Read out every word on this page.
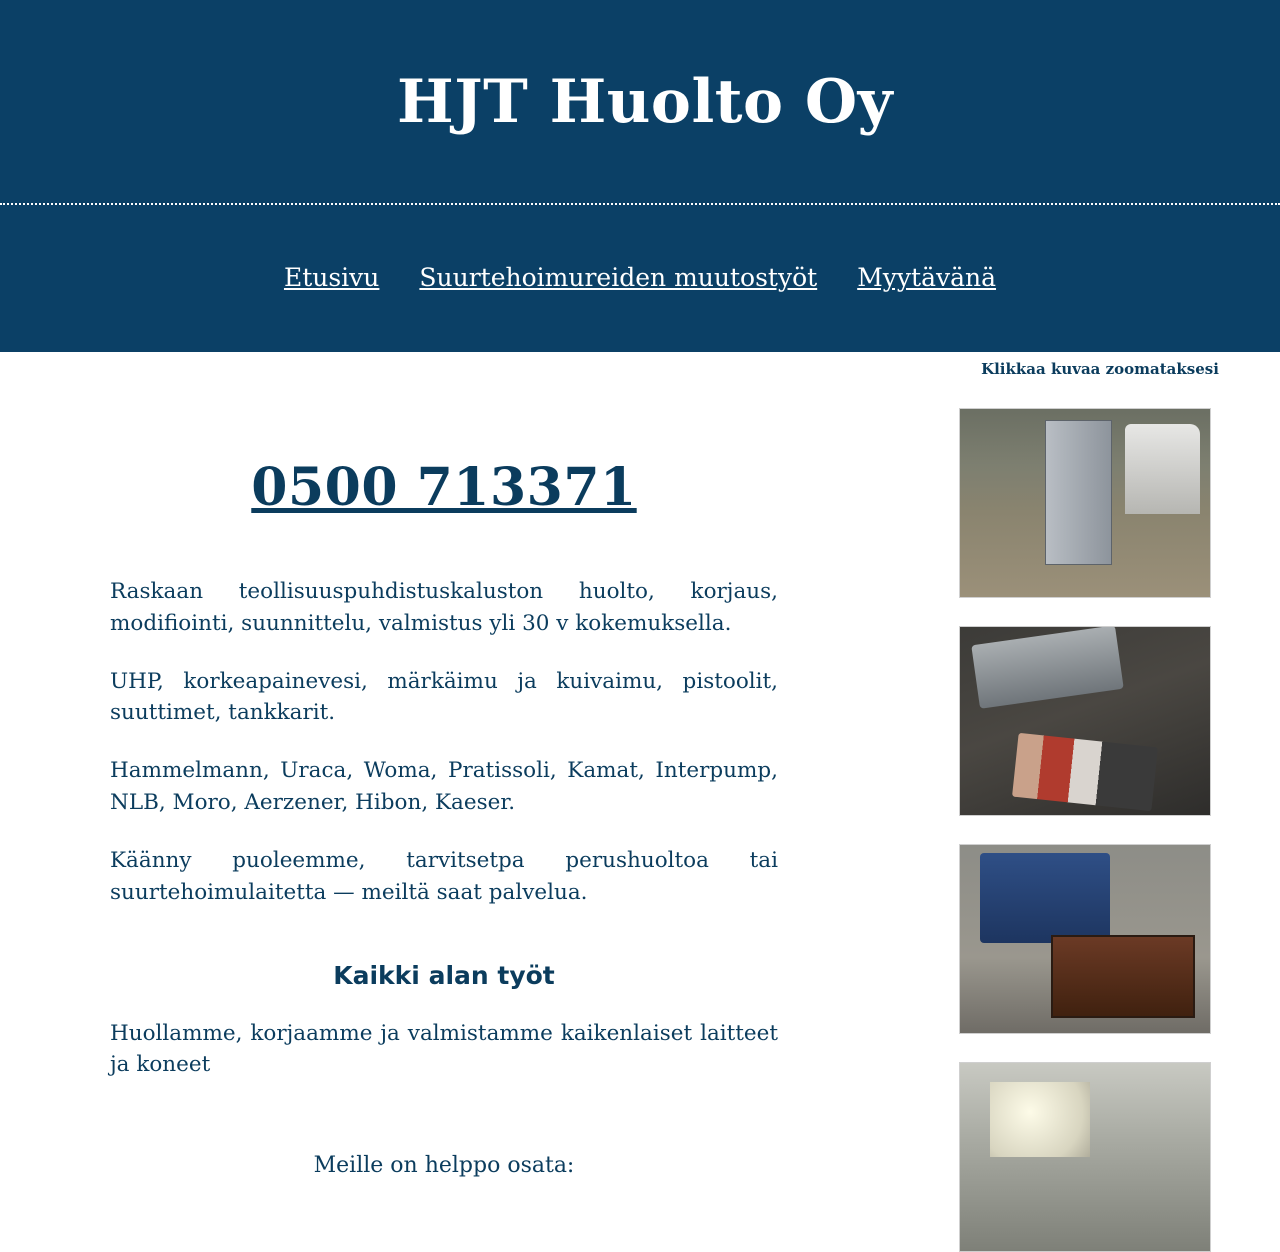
HJT Huolto Oy
Etusivu Suurtehoimureiden muutostyöt Myytävänä
0500 713371

Raskaan teollisuuspuhdistuskaluston huolto, korjaus, modifiointi, suunnittelu, valmistus yli 30 v kokemuksella.

UHP, korkeapainevesi, märkäimu ja kuivaimu, pistoolit, suuttimet, tankkarit.

Hammelmann, Uraca, Woma, Pratissoli, Kamat, Interpump, NLB, Moro, Aerzener, Hibon, Kaeser.

Käänny puoleemme, tarvitsetpa perushuoltoa tai suurtehoimulaitetta — meiltä saat palvelua.

Kaikki alan työt

Huollamme, korjaamme ja valmistamme kaikenlaiset laitteet ja koneet

Meille on helppo osata:

Klikkaa kuvaa zoomataksesi
